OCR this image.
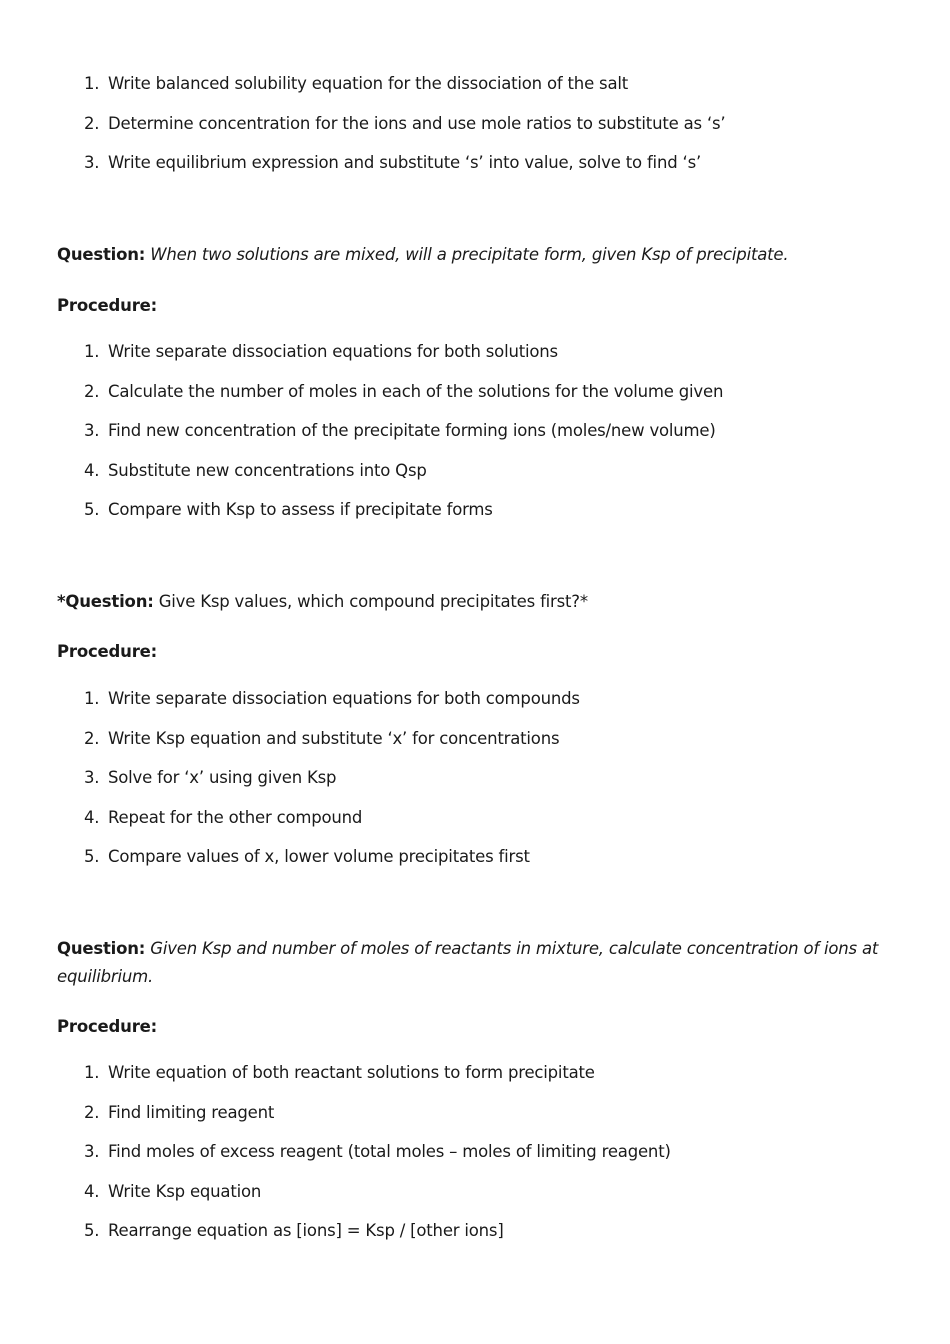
1. Write balanced solubility equation for the dissociation of the salt
2. Determine concentration for the ions and use mole ratios to substitute as ‘s’
3. Write equilibrium expression and substitute ‘s’ into value, solve to find ‘s’
Question: When two solutions are mixed, will a precipitate form, given Ksp of precipitate.
Procedure:
1. Write separate dissociation equations for both solutions
2. Calculate the number of moles in each of the solutions for the volume given
3. Find new concentration of the precipitate forming ions (moles/new volume)
4. Substitute new concentrations into Qsp
5. Compare with Ksp to assess if precipitate forms
*Question: Give Ksp values, which compound precipitates first?*
Procedure:
1. Write separate dissociation equations for both compounds
2. Write Ksp equation and substitute ‘x’ for concentrations
3. Solve for ‘x’ using given Ksp
4. Repeat for the other compound
5. Compare values of x, lower volume precipitates first
Question: Given Ksp and number of moles of reactants in mixture, calculate concentration of ions at equilibrium.
Procedure:
1. Write equation of both reactant solutions to form precipitate
2. Find limiting reagent
3. Find moles of excess reagent (total moles – moles of limiting reagent)
4. Write Ksp equation
5. Rearrange equation as [ions] = Ksp / [other ions]
